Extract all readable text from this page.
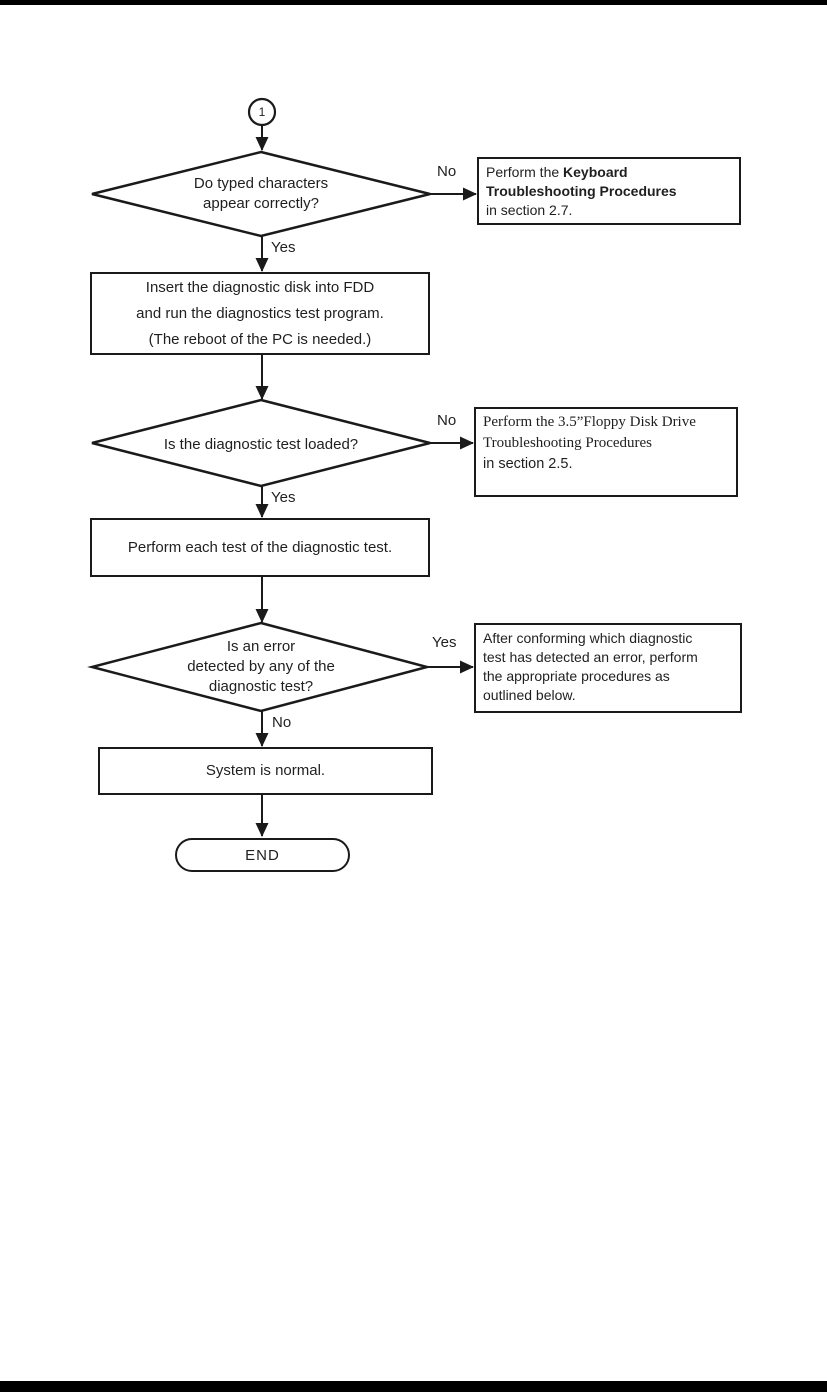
1
Do typed characters
appear correctly?
No
Yes
Perform the Keyboard
Troubleshooting Procedures
in section 2.7.
Insert the diagnostic disk into FDD
and run the diagnostics test program.
(The reboot of the PC is needed.)
Is the diagnostic test loaded?
No
Yes
Perform the 3.5”Floppy Disk Drive
Troubleshooting Procedures
in section 2.5.
Perform each test of the diagnostic test.
Is an error
detected by any of the
diagnostic test?
Yes
No
After conforming which diagnostic
test has detected an error, perform
the appropriate procedures as
outlined below.
System is normal.
END
